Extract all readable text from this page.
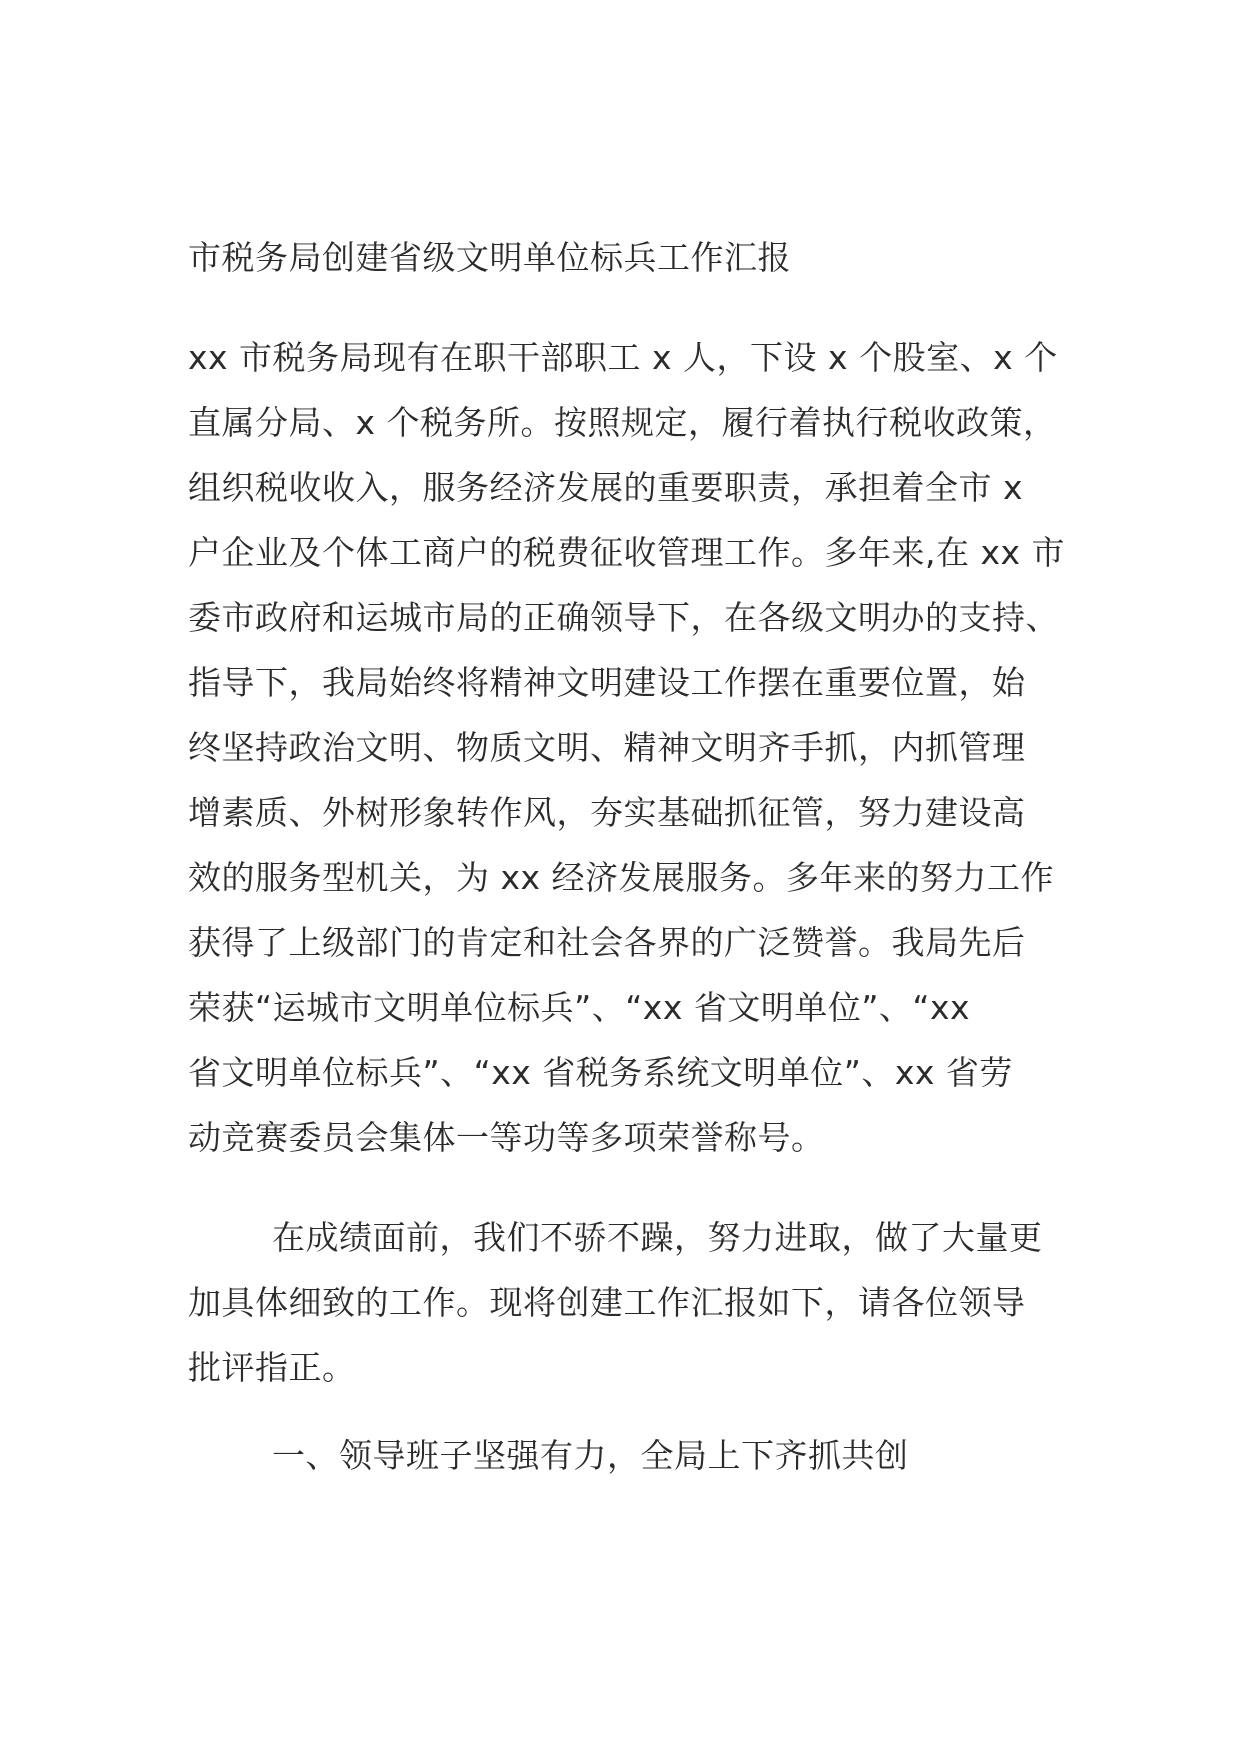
市税务局创建省级文明单位标兵工作汇报
xx 市税务局现有在职干部职工 x 人，下设 x 个股室、x 个
直属分局、x 个税务所。按照规定，履行着执行税收政策，
组织税收收入，服务经济发展的重要职责，承担着全市 x
户企业及个体工商户的税费征收管理工作。多年来,在 xx 市
委市政府和运城市局的正确领导下，在各级文明办的支持、
指导下，我局始终将精神文明建设工作摆在重要位置，始
终坚持政治文明、物质文明、精神文明齐手抓，内抓管理
增素质、外树形象转作风，夯实基础抓征管，努力建设高
效的服务型机关，为 xx 经济发展服务。多年来的努力工作
获得了上级部门的肯定和社会各界的广泛赞誉。我局先后
荣获“运城市文明单位标兵”、“xx 省文明单位”、“xx
省文明单位标兵”、“xx 省税务系统文明单位”、xx 省劳
动竞赛委员会集体一等功等多项荣誉称号。
在成绩面前，我们不骄不躁，努力进取，做了大量更
加具体细致的工作。现将创建工作汇报如下，请各位领导
批评指正。
一、领导班子坚强有力，全局上下齐抓共创
